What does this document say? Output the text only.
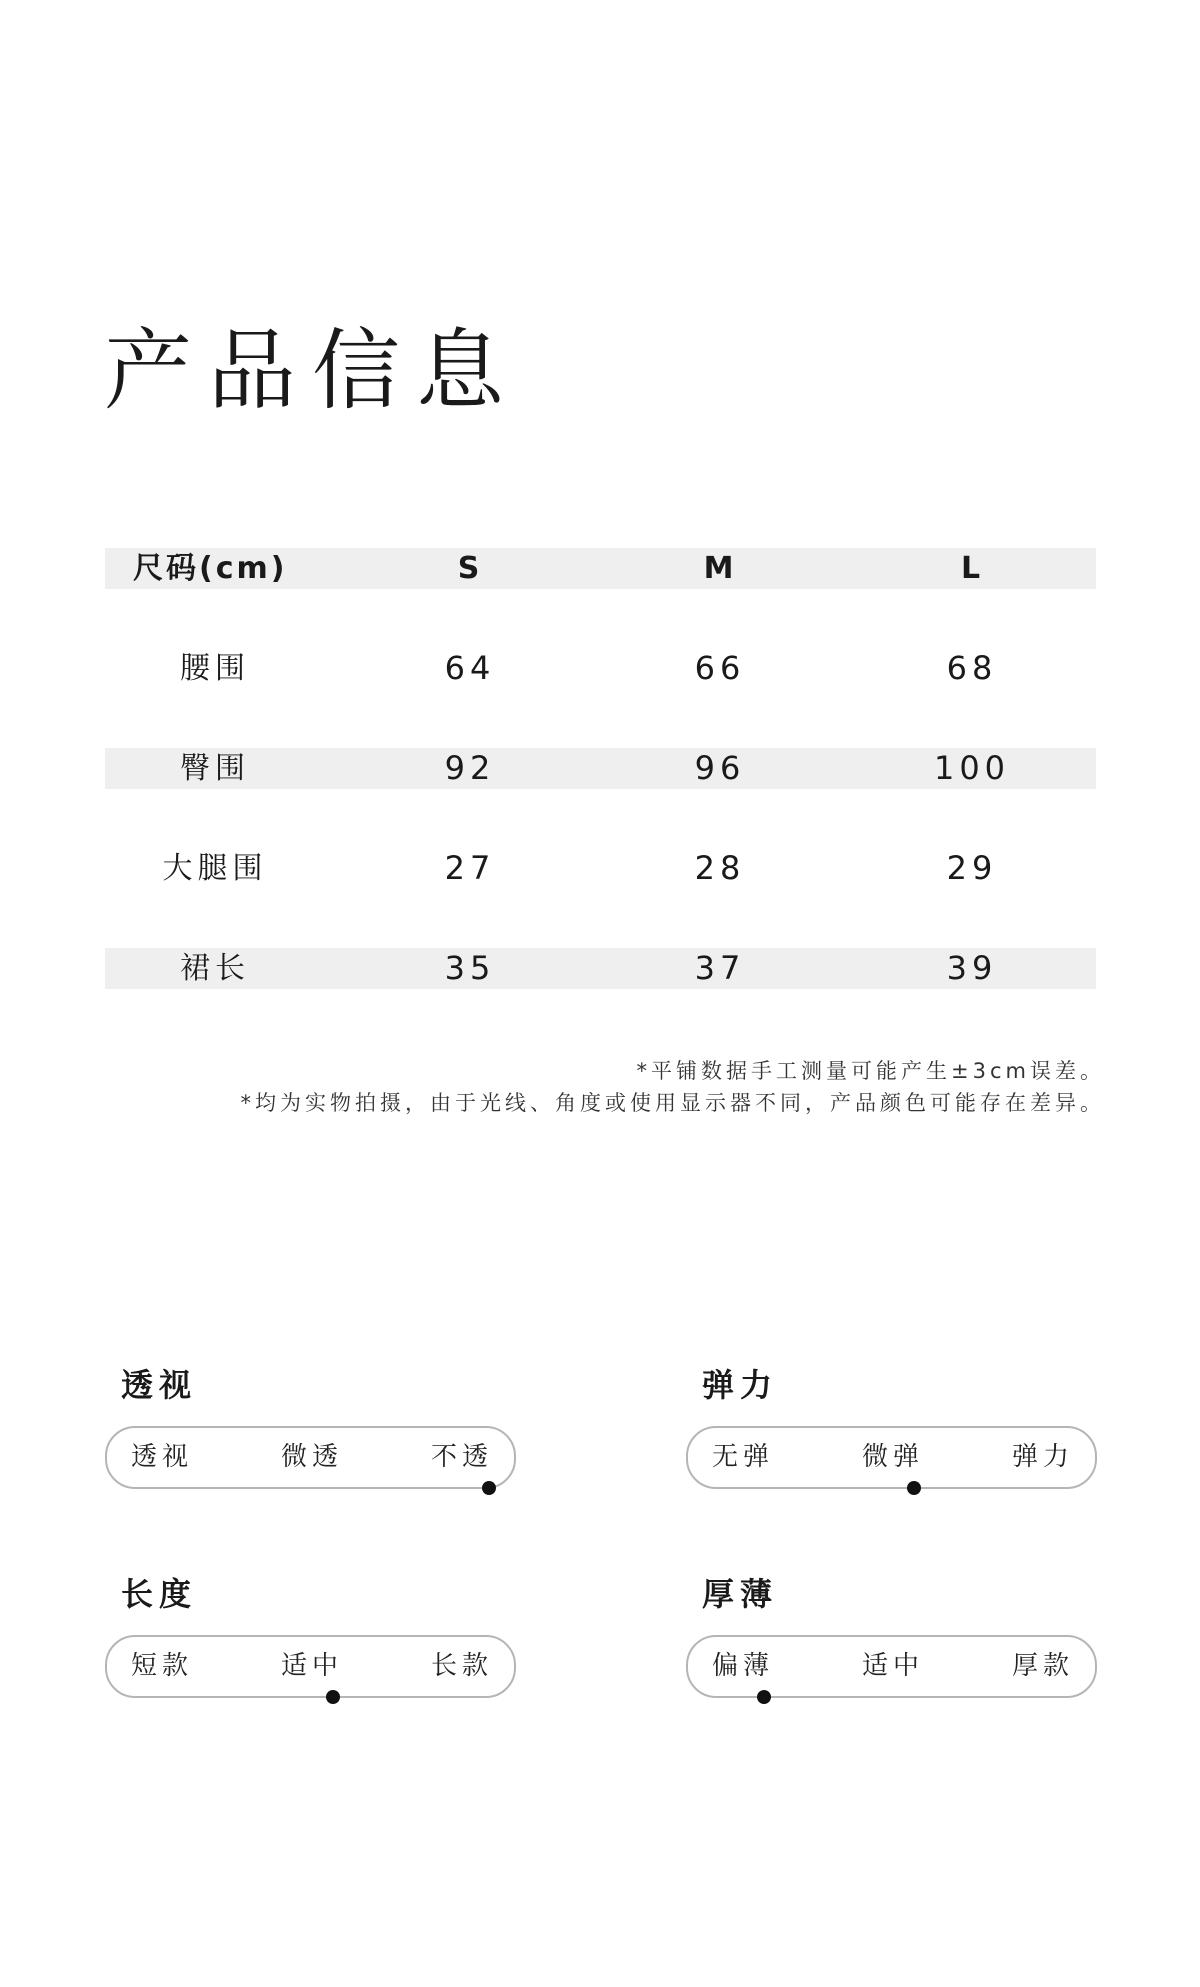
产品信息
尺码(cm)	S	M	L
腰围	64	66	68
臀围	92	96	100
大腿围	27	28	29
裙长	35	37	39
*平铺数据手工测量可能产生±3cm误差。
*均为实物拍摄，由于光线、角度或使用显示器不同，产品颜色可能存在差异。
透视
透视	微透	不透
弹力
无弹	微弹	弹力
长度
短款	适中	长款
厚薄
偏薄	适中	厚款
